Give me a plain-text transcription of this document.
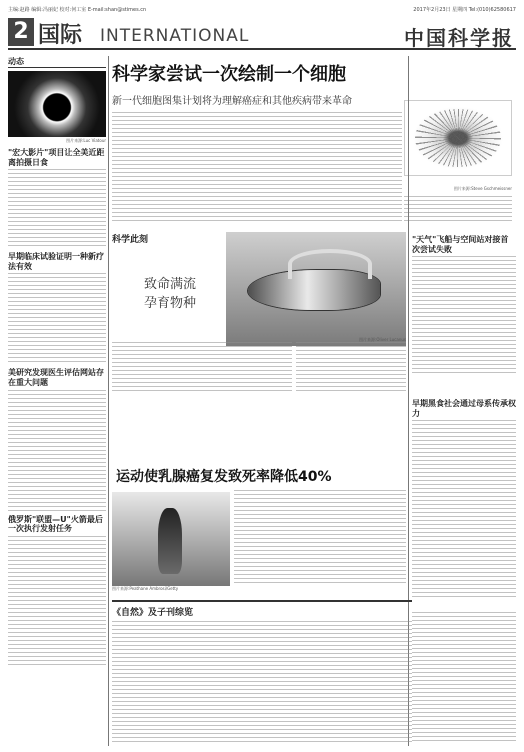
主编:赵路 编辑:冯丽妃 校对:何工室 E-mail:shan@stimes.cn	2017年2月23日 星期四 Tel:(010)62580617
2 国际 INTERNATIONAL	中国科学报
动态
图片来源:Luc Viatour
"宏大影片"项目让全美近距离拍摄日食
早期临床试验证明一种新疗法有效
美研究发现医生评估网站存在重大问题
俄罗斯"联盟—U"火箭最后一次执行发射任务
科学家尝试一次绘制一个细胞
新一代细胞图集计划将为理解癌症和其他疾病带来革命
图片来源:Steve Gschmeissner
科学此刻
致命满流
孕育物种
图片来源:Oliver Lucanus
"天气"飞船与空间站对接首次尝试失败
早期黑食社会通过母系传承权力
运动使乳腺癌复发致死率降低40%
图片来源:Peathane Ambrosi/Getty
《自然》及子刊综览
